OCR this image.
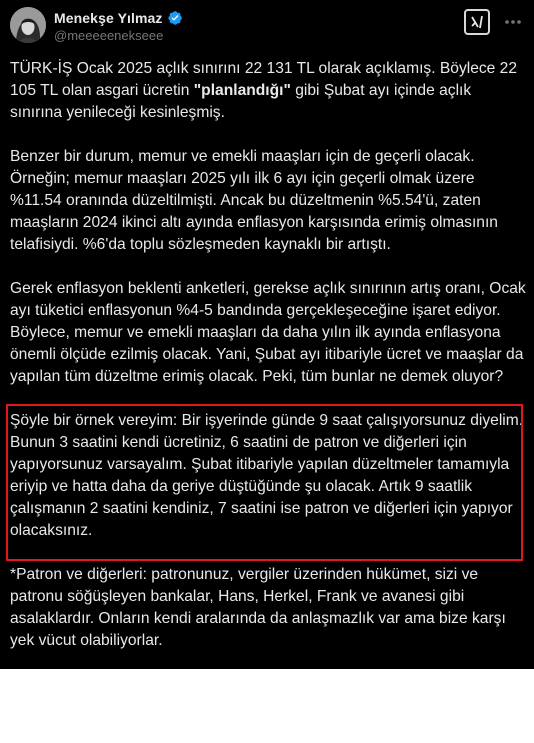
Menekşe Yılmaz
@meeeeenekseee

TÜRK-İŞ Ocak 2025 açlık sınırını 22 131 TL olarak açıklamış. Böylece 22 105 TL olan asgari ücretin "planlandığı" gibi Şubat ayı içinde açlık sınırına yenileceği kesinleşmiş.

Benzer bir durum, memur ve emekli maaşları için de geçerli olacak. Örneğin; memur maaşları 2025 yılı ilk 6 ayı için geçerli olmak üzere %11.54 oranında düzeltilmişti. Ancak bu düzeltmenin %5.54'ü, zaten maaşların 2024 ikinci altı ayında enflasyon karşısında erimiş olmasının telafisiydi. %6'da toplu sözleşmeden kaynaklı bir artıştı.

Gerek enflasyon beklenti anketleri, gerekse açlık sınırının artış oranı, Ocak ayı tüketici enflasyonun %4-5 bandında gerçekleşeceğine işaret ediyor. Böylece, memur ve emekli maaşları da daha yılın ilk ayında enflasyona önemli ölçüde ezilmiş olacak. Yani, Şubat ayı itibariyle ücret ve maaşlar da yapılan tüm düzeltme erimiş olacak. Peki, tüm bunlar ne demek oluyor?

Şöyle bir örnek vereyim: Bir işyerinde günde 9 saat çalışıyorsunuz diyelim. Bunun 3 saatini kendi ücretiniz, 6 saatini de patron ve diğerleri için yapıyorsunuz varsayalım. Şubat itibariyle yapılan düzeltmeler tamamıyla eriyip ve hatta daha da geriye düştüğünde şu olacak. Artık 9 saatlik çalışmanın 2 saatini kendiniz, 7 saatini ise patron ve diğerleri için yapıyor olacaksınız.

*Patron ve diğerleri: patronunuz, vergiler üzerinden hükümet, sizi ve patronu söğüşleyen bankalar, Hans, Herkel, Frank ve avanesi gibi asalaklardır. Onların kendi aralarında da anlaşmazlık var ama bize karşı yek vücut olabiliyorlar.
